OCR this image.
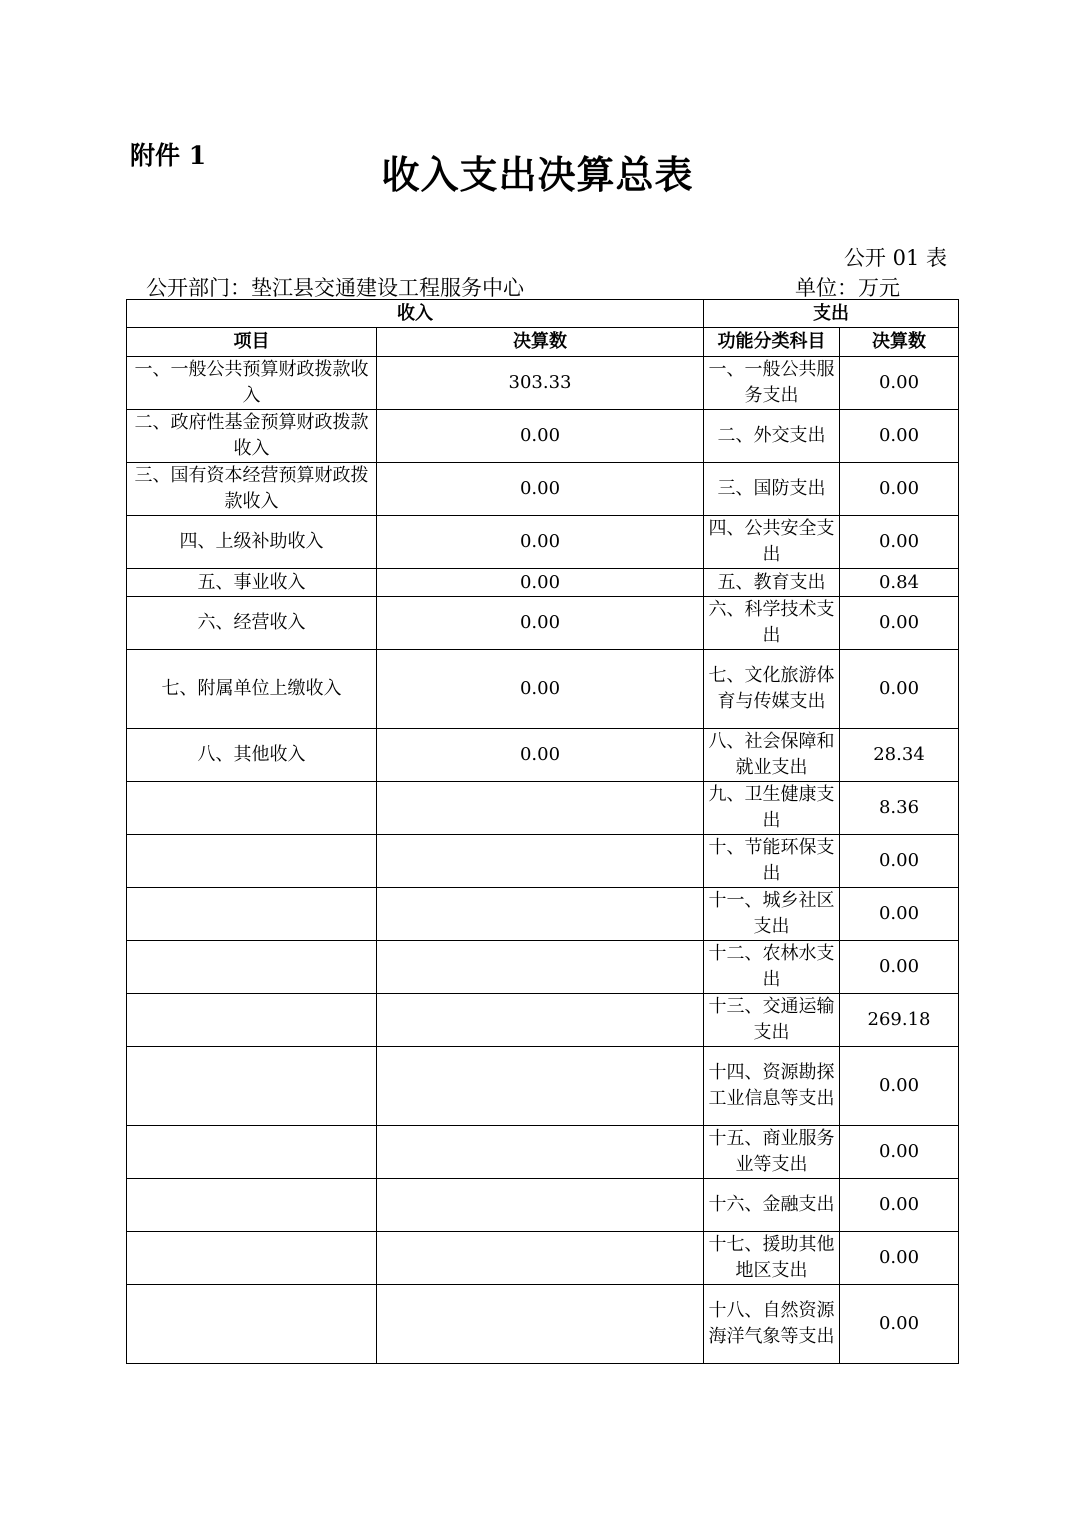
附件 1	收入支出决算总表
公开 01 表
公开部门：垫江县交通建设工程服务中心	单位：万元
收入		支出	
项目	决算数	功能分类科目	决算数
一、一般公共预算财政拨款收入	303.33	一、一般公共服务支出	0.00
二、政府性基金预算财政拨款收入	0.00	二、外交支出	0.00
三、国有资本经营预算财政拨款收入	0.00	三、国防支出	0.00
四、上级补助收入	0.00	四、公共安全支出	0.00
五、事业收入	0.00	五、教育支出	0.84
六、经营收入	0.00	六、科学技术支出	0.00
七、附属单位上缴收入	0.00	七、文化旅游体育与传媒支出	0.00
八、其他收入	0.00	八、社会保障和就业支出	28.34
		九、卫生健康支出	8.36
		十、节能环保支出	0.00
		十一、城乡社区支出	0.00
		十二、农林水支出	0.00
		十三、交通运输支出	269.18
		十四、资源勘探工业信息等支出	0.00
		十五、商业服务业等支出	0.00
		十六、金融支出	0.00
		十七、援助其他地区支出	0.00
		十八、自然资源海洋气象等支出	0.00
